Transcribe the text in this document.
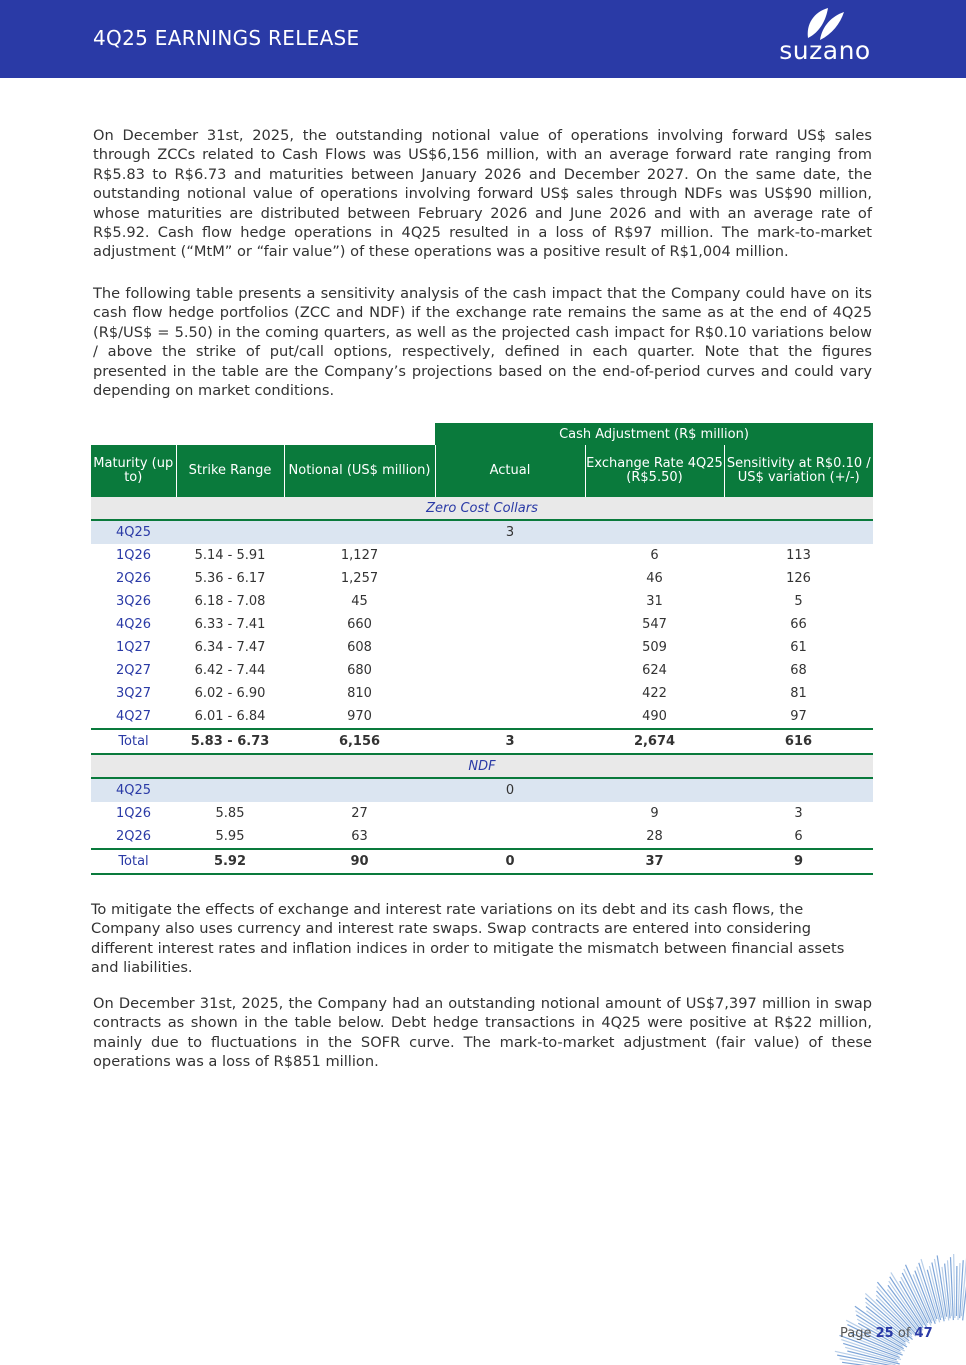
4Q25 EARNINGS RELEASE	suzano

On December 31st, 2025, the outstanding notional value of operations involving forward US$ sales through ZCCs related to Cash Flows was US$6,156 million, with an average forward rate ranging from R$5.83 to R$6.73 and maturities between January 2026 and December 2027. On the same date, the outstanding notional value of operations involving forward US$ sales through NDFs was US$90 million, whose maturities are distributed between February 2026 and June 2026 and with an average rate of R$5.92. Cash flow hedge operations in 4Q25 resulted in a loss of R$97 million. The mark-to-market adjustment (“MtM” or “fair value”) of these operations was a positive result of R$1,004 million.

The following table presents a sensitivity analysis of the cash impact that the Company could have on its cash flow hedge portfolios (ZCC and NDF) if the exchange rate remains the same as at the end of 4Q25 (R$/US$ = 5.50) in the coming quarters, as well as the projected cash impact for R$0.10 variations below / above the strike of put/call options, respectively, defined in each quarter. Note that the figures presented in the table are the Company’s projections based on the end-of-period curves and could vary depending on market conditions.

			Cash Adjustment (R$ million)		
Maturity (up to)	Strike Range	Notional (US$ million)	Actual	Exchange Rate 4Q25 (R$5.50)	Sensitivity at R$0.10 / US$ variation (+/-)
Zero Cost Collars					
4Q25			3		
1Q26	5.14 - 5.91	1,127		6	113
2Q26	5.36 - 6.17	1,257		46	126
3Q26	6.18 - 7.08	45		31	5
4Q26	6.33 - 7.41	660		547	66
1Q27	6.34 - 7.47	608		509	61
2Q27	6.42 - 7.44	680		624	68
3Q27	6.02 - 6.90	810		422	81
4Q27	6.01 - 6.84	970		490	97
Total	5.83 - 6.73	6,156	3	2,674	616
NDF					
4Q25			0		
1Q26	5.85	27		9	3
2Q26	5.95	63		28	6
Total	5.92	90	0	37	9

To mitigate the effects of exchange and interest rate variations on its debt and its cash flows, the Company also uses currency and interest rate swaps. Swap contracts are entered into considering different interest rates and inflation indices in order to mitigate the mismatch between financial assets and liabilities.

On December 31st, 2025, the Company had an outstanding notional amount of US$7,397 million in swap contracts as shown in the table below. Debt hedge transactions in 4Q25 were positive at R$22 million, mainly due to fluctuations in the SOFR curve. The mark-to-market adjustment (fair value) of these operations was a loss of R$851 million.

Page 25 of 47
